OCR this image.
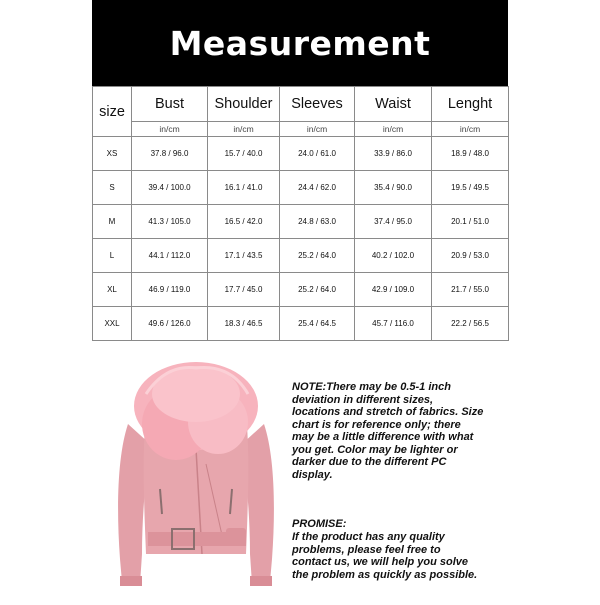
Measurement
size	Bust	Shoulder	Sleeves	Waist	Lenght
	in/cm	in/cm	in/cm	in/cm	in/cm
XS	37.8 / 96.0	15.7 / 40.0	24.0 / 61.0	33.9 / 86.0	18.9 / 48.0
S	39.4 / 100.0	16.1 / 41.0	24.4 / 62.0	35.4 / 90.0	19.5 / 49.5
M	41.3 / 105.0	16.5 / 42.0	24.8 / 63.0	37.4 / 95.0	20.1 / 51.0
L	44.1 / 112.0	17.1 / 43.5	25.2 / 64.0	40.2 / 102.0	20.9 / 53.0
XL	46.9 / 119.0	17.7 / 45.0	25.2 / 64.0	42.9 / 109.0	21.7 / 55.0
XXL	49.6 / 126.0	18.3 / 46.5	25.4 / 64.5	45.7 / 116.0	22.2 / 56.5
NOTE:There may be 0.5-1 inch
deviation in different sizes,
locations and stretch of fabrics. Size
chart is for reference only; there
may be a little difference with what
you get. Color may be lighter or
darker due to the different PC
display.
PROMISE:
If the product has any quality
problems, please feel free to
contact us, we will help you solve
the problem as quickly as possible.
